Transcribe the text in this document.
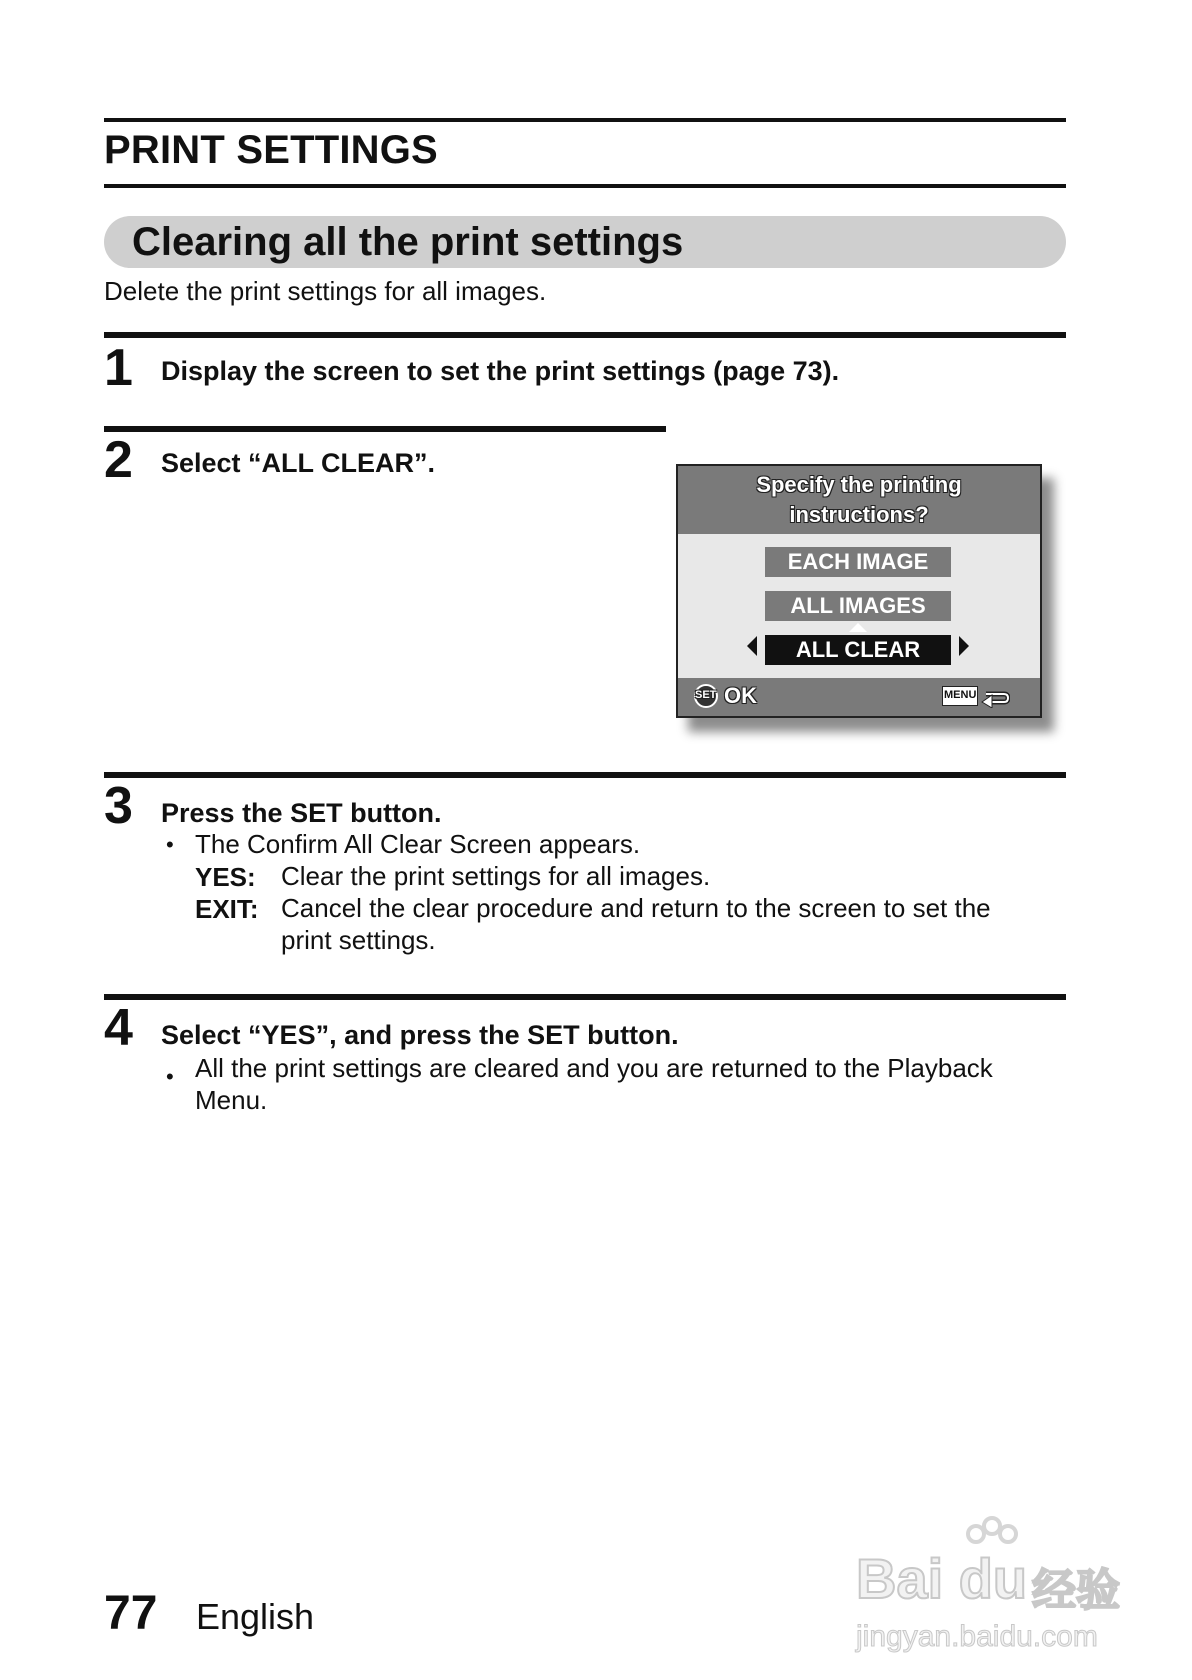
PRINT SETTINGS
Clearing all the print settings
Delete the print settings for all images.
1 Display the screen to set the print settings (page 73).
2 Select “ALL CLEAR”.
Specify the printing
instructions?
EACH IMAGE
ALL IMAGES
ALL CLEAR
SET OK	MENU
3 Press the SET button.
• The Confirm All Clear Screen appears.
YES: Clear the print settings for all images.
EXIT: Cancel the clear procedure and return to the screen to set the
print settings.
4 Select “YES”, and press the SET button.
• All the print settings are cleared and you are returned to the Playback
Menu.
77 English
Bai du 经验
jingyan.baidu.com
